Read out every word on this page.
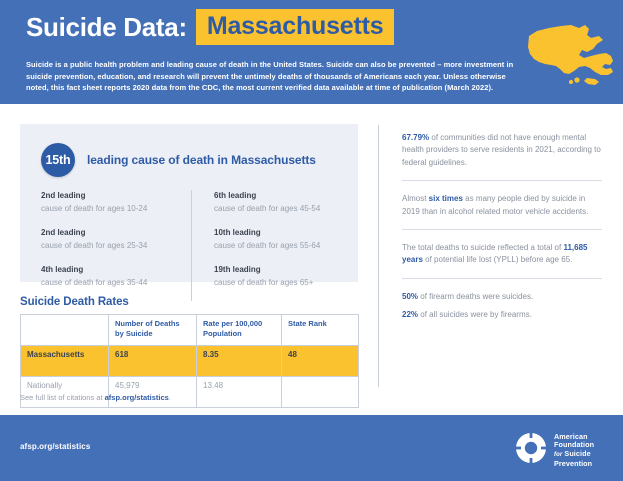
Suicide Data: Massachusetts
Suicide is a public health problem and leading cause of death in the United States. Suicide can also be prevented – more investment in suicide prevention, education, and research will prevent the untimely deaths of thousands of Americans each year. Unless otherwise noted, this fact sheet reports 2020 data from the CDC, the most current verified data available at time of publication (March 2022).
15th	leading cause of death in Massachusetts
2nd leading
cause of death for ages 10-24
6th leading
cause of death for ages 45-54
2nd leading
cause of death for ages 25-34
10th leading
cause of death for ages 55-64
4th leading
cause of death for ages 35-44
19th leading
cause of death for ages 65+
Suicide Death Rates
	Number of Deaths by Suicide	Rate per 100,000 Population	State Rank
Massachusetts	618	8.35	48
Nationally	45,979	13.48	
See full list of citations at afsp.org/statistics.
67.79% of communities did not have enough mental health providers to serve residents in 2021, according to federal guidelines.
Almost six times as many people died by suicide in 2019 than in alcohol related motor vehicle accidents.
The total deaths to suicide reflected a total of 11,685 years of potential life lost (YPLL) before age 65.

50% of firearm deaths were suicides.

22% of all suicides were by firearms.

afsp.org/statistics
American
Foundation
for Suicide
Prevention
